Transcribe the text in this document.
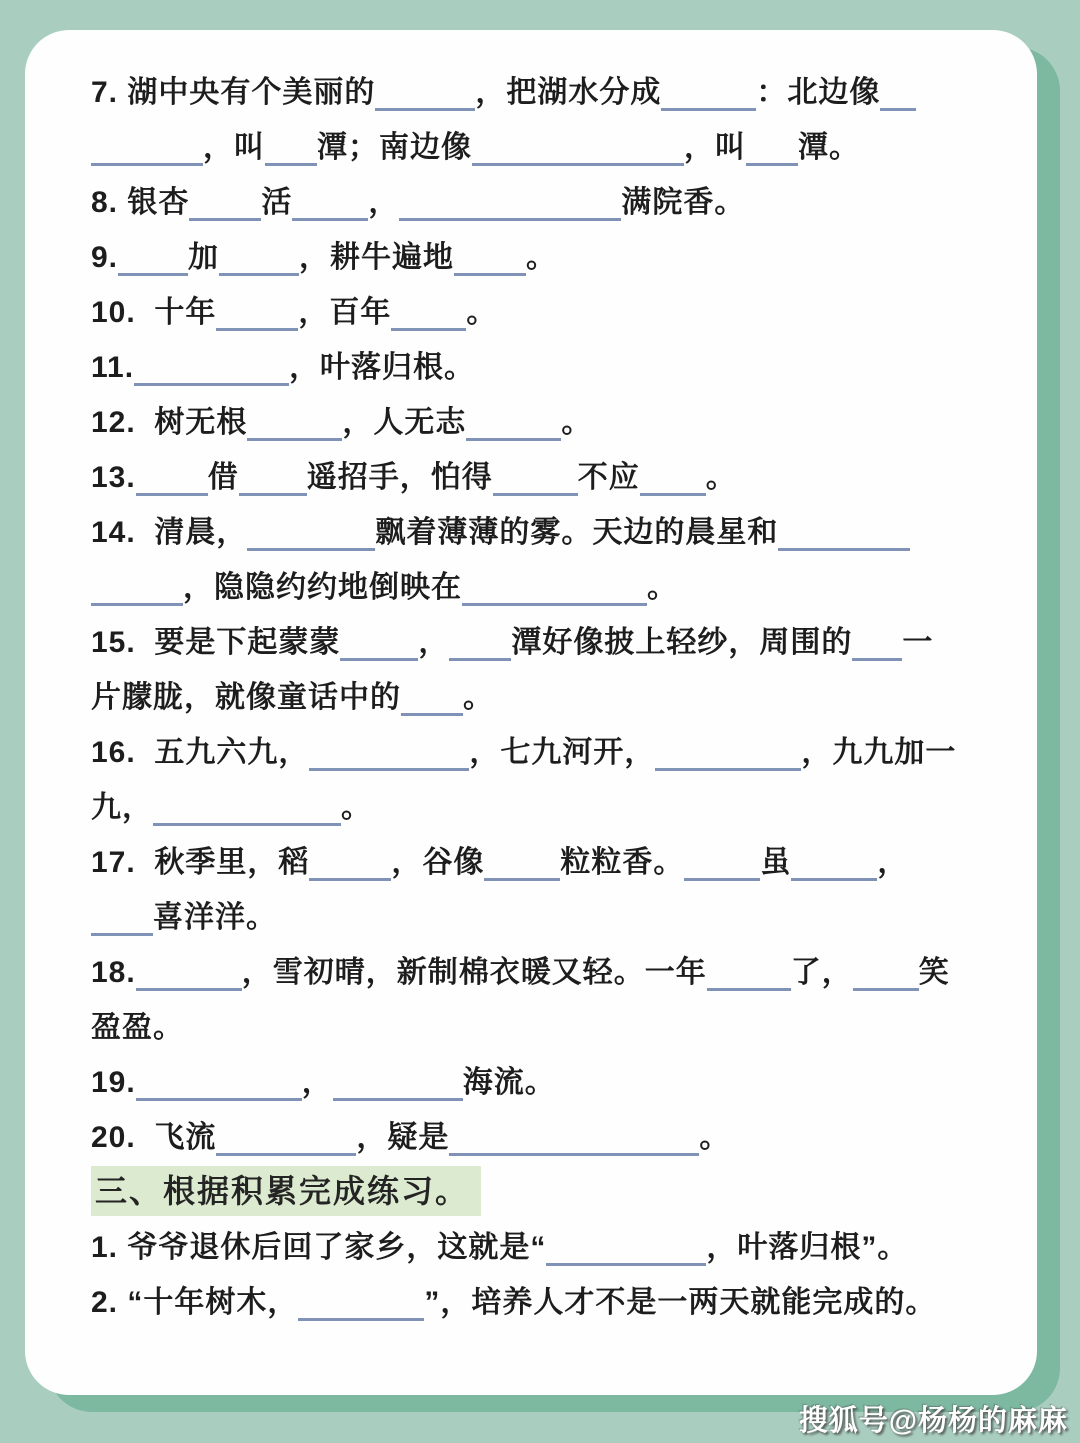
7. 湖中央有个美丽的	，把湖水分成	：北边像
，叫 潭；南边像	，叫 潭。
8. 银杏 活	，	满院香。
9. 加	，耕牛遍地 。
10.  十年	，百年	。
11.	，叶落归根。
12.  树无根	，人无志	。
13. 借 遥招手，怕得	不应 。
14.  清晨，	飘着薄薄的雾。天边的晨星和
，隐隐约约地倒映在	。
15.  要是下起蒙蒙	， 潭好像披上轻纱，周围的 一
片朦胧，就像童话中的 。
16.  五九六九，	，七九河开，	，九九加一
九，	。
17.  秋季里，稻	，谷像	粒粒香。	虽	，
喜洋洋。
18.	，雪初晴，新制棉衣暖又轻。一年	了， 笑
盈盈。
19.	，	海流。
20.  飞流	，疑是	。
三、根据积累完成练习。
1. 爷爷退休后回了家乡，这就是“	，叶落归根”。
2. “十年树木，	”，培养人才不是一两天就能完成的。
搜狐号@杨杨的麻麻
